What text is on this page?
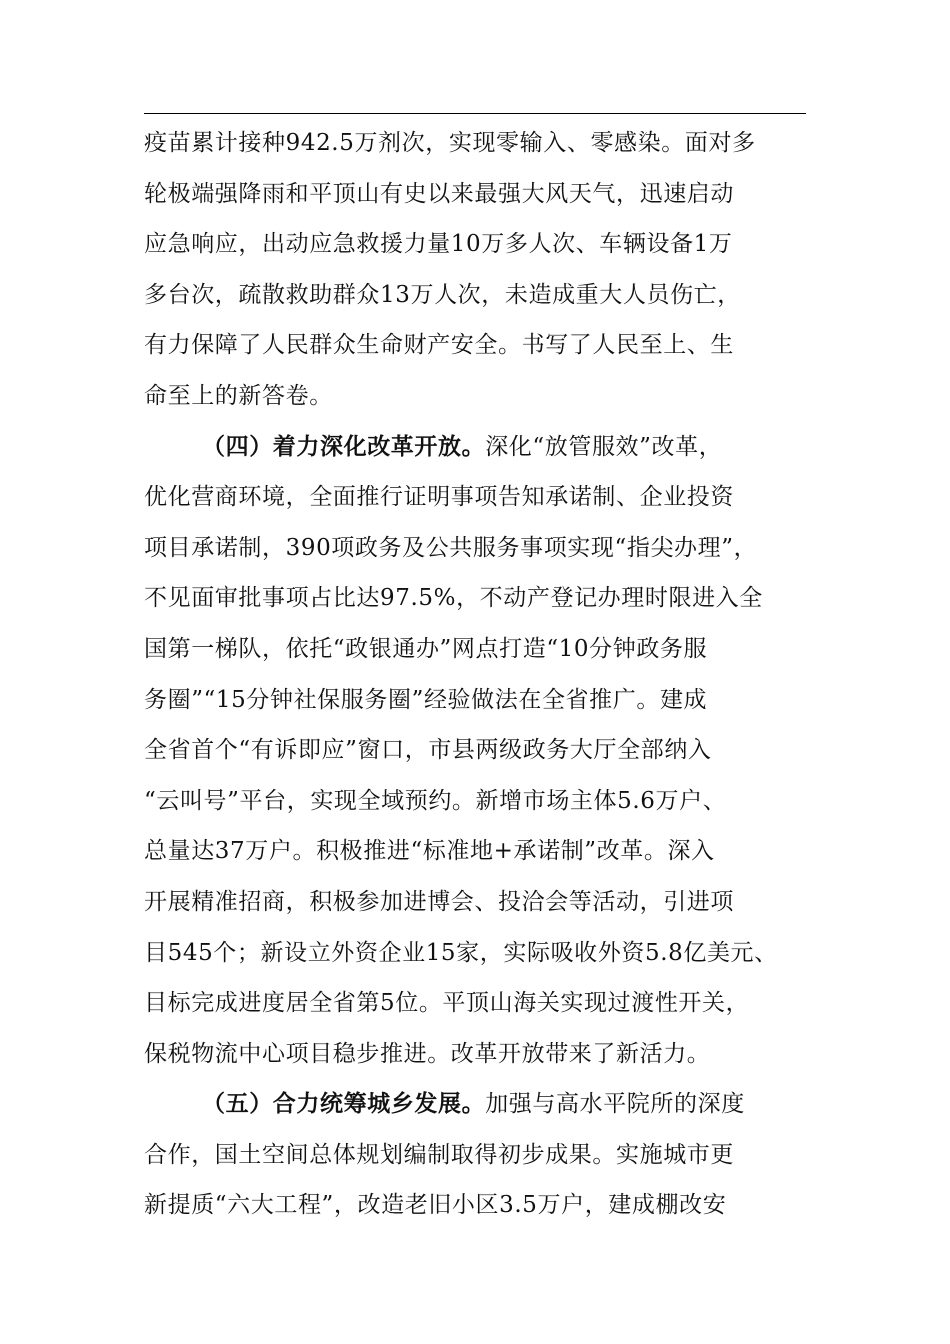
疫苗累计接种942.5万剂次，实现零输入、零感染。面对多
轮极端强降雨和平顶山有史以来最强大风天气，迅速启动
应急响应，出动应急救援力量10万多人次、车辆设备1万
多台次，疏散救助群众13万人次，未造成重大人员伤亡，
有力保障了人民群众生命财产安全。书写了人民至上、生
命至上的新答卷。
（四）着力深化改革开放。深化“放管服效”改革，
优化营商环境，全面推行证明事项告知承诺制、企业投资
项目承诺制，390项政务及公共服务事项实现“指尖办理”，
不见面审批事项占比达97.5%，不动产登记办理时限进入全
国第一梯队，依托“政银通办”网点打造“10分钟政务服
务圈”“15分钟社保服务圈”经验做法在全省推广。建成
全省首个“有诉即应”窗口，市县两级政务大厅全部纳入
“云叫号”平台，实现全域预约。新增市场主体5.6万户、
总量达37万户。积极推进“标准地+承诺制”改革。深入
开展精准招商，积极参加进博会、投洽会等活动，引进项
目545个；新设立外资企业15家，实际吸收外资5.8亿美元、
目标完成进度居全省第5位。平顶山海关实现过渡性开关，
保税物流中心项目稳步推进。改革开放带来了新活力。
（五）合力统筹城乡发展。加强与高水平院所的深度
合作，国土空间总体规划编制取得初步成果。实施城市更
新提质“六大工程”，改造老旧小区3.5万户，建成棚改安
